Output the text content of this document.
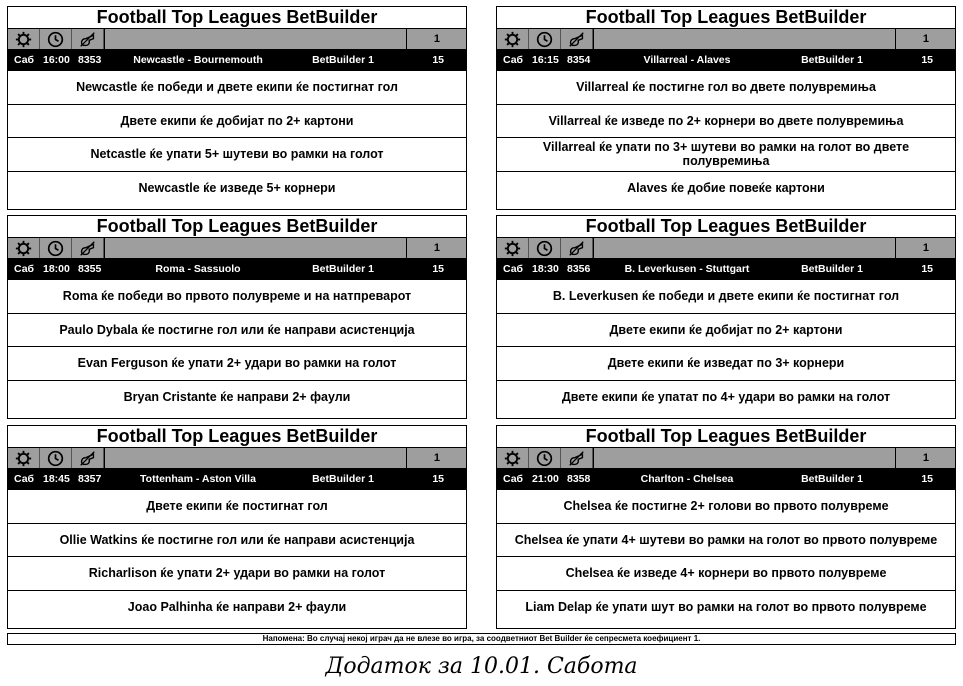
Football Top Leagues BetBuilder
1
Саб 16:00 8353	Newcastle - Bournemouth	BetBuilder 1	15
Newcastle ќе победи и двете екипи ќе постигнат гол
Двете екипи ќе добијат по 2+ картони
Netcastle ќе упати 5+ шутеви во рамки на голот
Newcastle ќе изведе 5+ корнери
Football Top Leagues BetBuilder
1
Саб 16:15 8354	Villarreal - Alaves	BetBuilder 1	15
Villarreal ќе постигне гол во двете полувремиња
Villarreal ќе изведе по 2+ корнери во двете полувремиња
Villarreal ќе упати по 3+ шутеви во рамки на голот во двете полувремиња
Alaves ќе добие повеќе картони
Football Top Leagues BetBuilder
1
Саб 18:00 8355	Roma - Sassuolo	BetBuilder 1	15
Roma ќе победи во првото полувреме и на натпреварот
Paulo Dybala ќе постигне гол или ќе направи асистенција
Evan Ferguson ќе упати 2+ удари во рамки на голот
Bryan Cristante ќе направи 2+ фаули
Football Top Leagues BetBuilder
1
Саб 18:30 8356	B. Leverkusen - Stuttgart	BetBuilder 1	15
B. Leverkusen ќе победи и двете екипи ќе постигнат гол
Двете екипи ќе добијат по 2+ картони
Двете екипи ќе изведат по 3+ корнери
Двете екипи ќе упатат по 4+ удари во рамки на голот
Football Top Leagues BetBuilder
1
Саб 18:45 8357	Tottenham - Aston Villa	BetBuilder 1	15
Двете екипи ќе постигнат гол
Ollie Watkins ќе постигне гол или ќе направи асистенција
Richarlison ќе упати 2+ удари во рамки на голот
Joao Palhinha ќе направи 2+ фаули
Football Top Leagues BetBuilder
1
Саб 21:00 8358	Charlton - Chelsea	BetBuilder 1	15
Chelsea ќе постигне 2+ голови во првото полувреме
Chelsea ќе упати 4+ шутеви во рамки на голот во првото полувреме
Chelsea ќе изведе 4+ корнери во првото полувреме
Liam Delap ќе упати шут во рамки на голот во првото полувреме
Напомена: Во случај некој играч да не влезе во игра, за соодветниот Bet Builder ќе сепресмета коефициент 1.
Додаток за 10.01. Сабота
